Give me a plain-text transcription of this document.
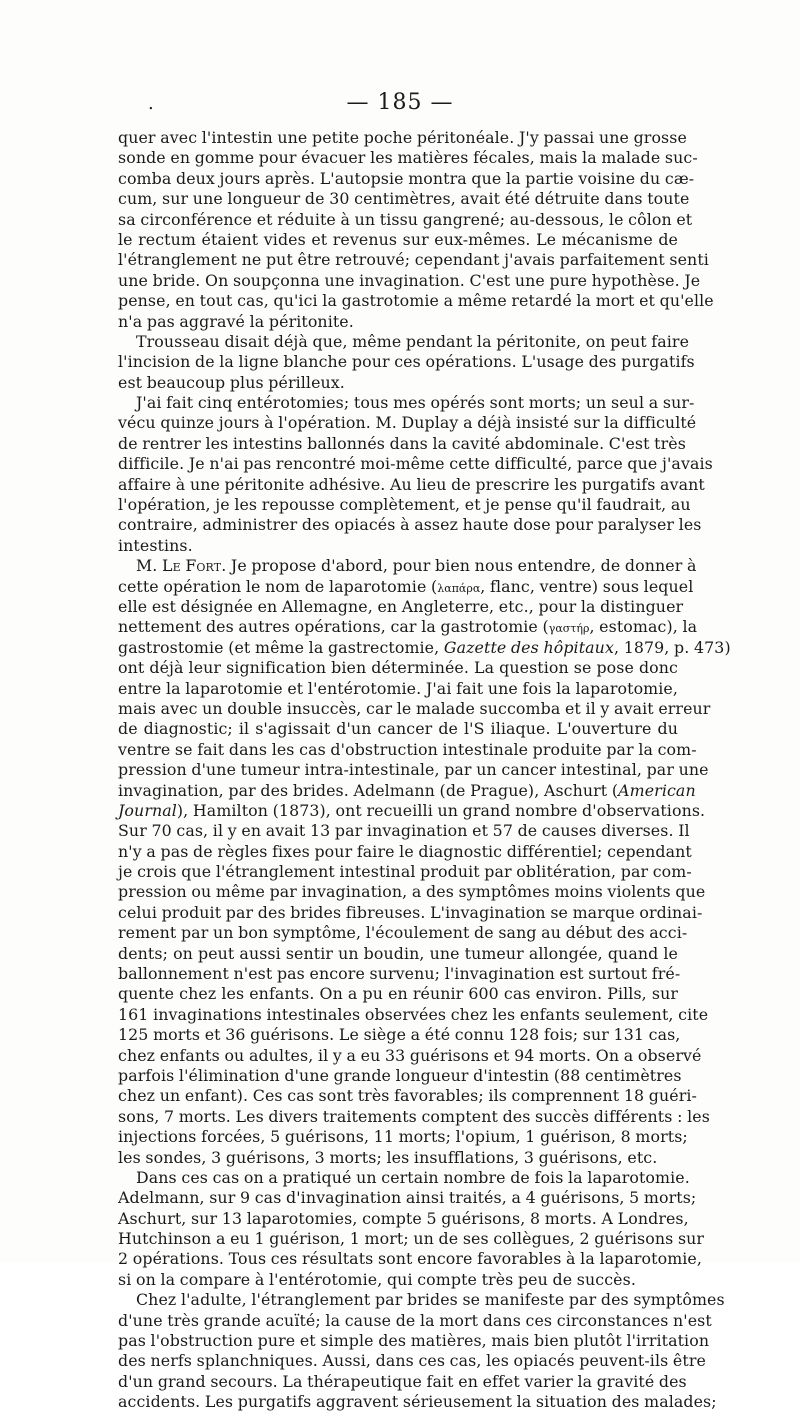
.	— 185 —
quer avec l'intestin une petite poche péritonéale. J'y passai une grosse
sonde en gomme pour évacuer les matières fécales, mais la malade suc-
comba deux jours après. L'autopsie montra que la partie voisine du cæ-
cum, sur une longueur de 30 centimètres, avait été détruite dans toute
sa circonférence et réduite à un tissu gangrené; au-dessous, le côlon et
le rectum étaient vides et revenus sur eux-mêmes. Le mécanisme de
l'étranglement ne put être retrouvé; cependant j'avais parfaitement senti
une bride. On soupçonna une invagination. C'est une pure hypothèse. Je
pense, en tout cas, qu'ici la gastrotomie a même retardé la mort et qu'elle
n'a pas aggravé la péritonite.
Trousseau disait déjà que, même pendant la péritonite, on peut faire
l'incision de la ligne blanche pour ces opérations. L'usage des purgatifs
est beaucoup plus périlleux.
J'ai fait cinq entérotomies; tous mes opérés sont morts; un seul a sur-
vécu quinze jours à l'opération. M. Duplay a déjà insisté sur la difficulté
de rentrer les intestins ballonnés dans la cavité abdominale. C'est très
difficile. Je n'ai pas rencontré moi-même cette difficulté, parce que j'avais
affaire à une péritonite adhésive. Au lieu de prescrire les purgatifs avant
l'opération, je les repousse complètement, et je pense qu'il faudrait, au
contraire, administrer des opiacés à assez haute dose pour paralyser les
intestins.
M. Le Fort. Je propose d'abord, pour bien nous entendre, de donner à
cette opération le nom de laparotomie (λαπάρα, flanc, ventre) sous lequel
elle est désignée en Allemagne, en Angleterre, etc., pour la distinguer
nettement des autres opérations, car la gastrotomie (γαστήρ, estomac), la
gastrostomie (et même la gastrectomie, Gazette des hôpitaux, 1879, p. 473)
ont déjà leur signification bien déterminée. La question se pose donc
entre la laparotomie et l'entérotomie. J'ai fait une fois la laparotomie,
mais avec un double insuccès, car le malade succomba et il y avait erreur
de diagnostic; il s'agissait d'un cancer de l'S iliaque. L'ouverture du
ventre se fait dans les cas d'obstruction intestinale produite par la com-
pression d'une tumeur intra-intestinale, par un cancer intestinal, par une
invagination, par des brides. Adelmann (de Prague), Aschurt (American
Journal), Hamilton (1873), ont recueilli un grand nombre d'observations.
Sur 70 cas, il y en avait 13 par invagination et 57 de causes diverses. Il
n'y a pas de règles fixes pour faire le diagnostic différentiel; cependant
je crois que l'étranglement intestinal produit par oblitération, par com-
pression ou même par invagination, a des symptômes moins violents que
celui produit par des brides fibreuses. L'invagination se marque ordinai-
rement par un bon symptôme, l'écoulement de sang au début des acci-
dents; on peut aussi sentir un boudin, une tumeur allongée, quand le
ballonnement n'est pas encore survenu; l'invagination est surtout fré-
quente chez les enfants. On a pu en réunir 600 cas environ. Pills, sur
161 invaginations intestinales observées chez les enfants seulement, cite
125 morts et 36 guérisons. Le siège a été connu 128 fois; sur 131 cas,
chez enfants ou adultes, il y a eu 33 guérisons et 94 morts. On a observé
parfois l'élimination d'une grande longueur d'intestin (88 centimètres
chez un enfant). Ces cas sont très favorables; ils comprennent 18 guéri-
sons, 7 morts. Les divers traitements comptent des succès différents : les
injections forcées, 5 guérisons, 11 morts; l'opium, 1 guérison, 8 morts;
les sondes, 3 guérisons, 3 morts; les insufflations, 3 guérisons, etc.
Dans ces cas on a pratiqué un certain nombre de fois la laparotomie.
Adelmann, sur 9 cas d'invagination ainsi traités, a 4 guérisons, 5 morts;
Aschurt, sur 13 laparotomies, compte 5 guérisons, 8 morts. A Londres,
Hutchinson a eu 1 guérison, 1 mort; un de ses collègues, 2 guérisons sur
2 opérations. Tous ces résultats sont encore favorables à la laparotomie,
si on la compare à l'entérotomie, qui compte très peu de succès.
Chez l'adulte, l'étranglement par brides se manifeste par des symptômes
d'une très grande acuïté; la cause de la mort dans ces circonstances n'est
pas l'obstruction pure et simple des matières, mais bien plutôt l'irritation
des nerfs splanchniques. Aussi, dans ces cas, les opiacés peuvent-ils être
d'un grand secours. La thérapeutique fait en effet varier la gravité des
accidents. Les purgatifs aggravent sérieusement la situation des malades;
